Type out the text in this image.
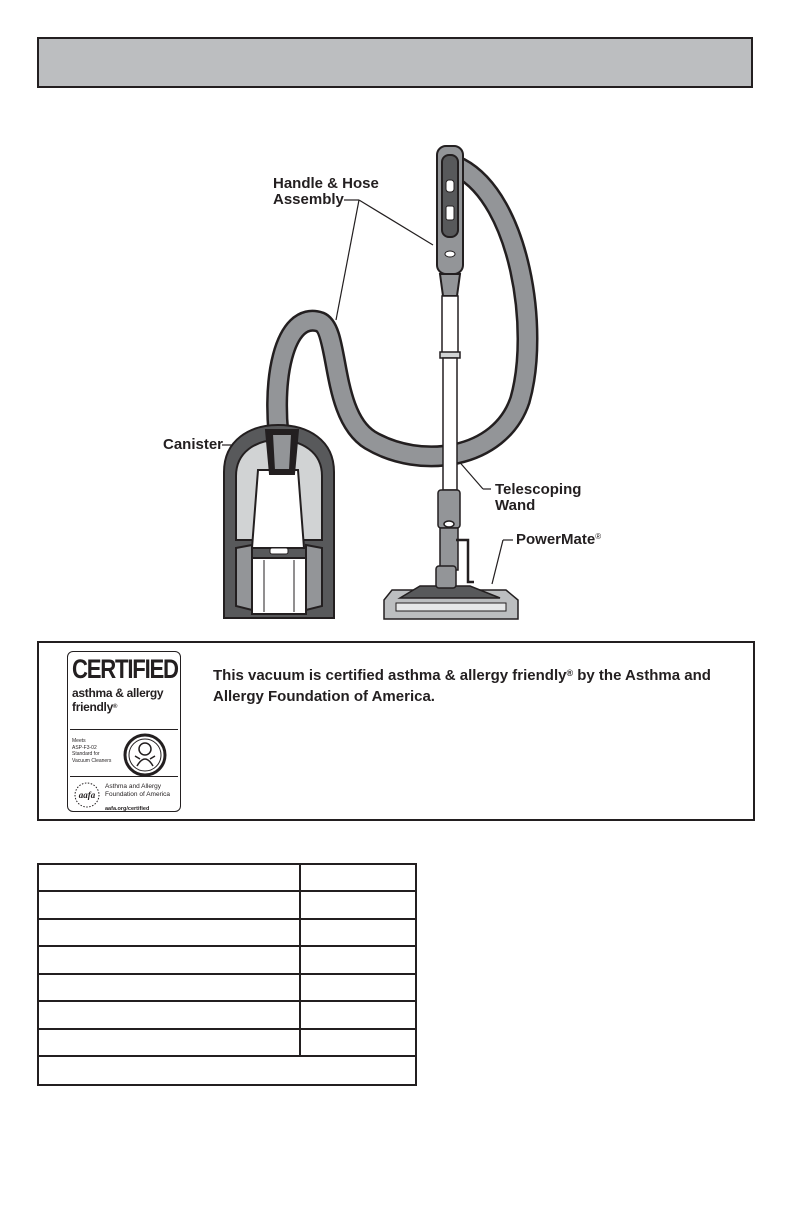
Handle & Hose
Assembly
Canister
Telescoping
Wand
PowerMate®
CERTIFIED
asthma & allergy
friendly®
Meets
ASP-F3-02
Standard for
Vacuum Cleaners
aafa
Asthma and Allergy
Foundation of America
aafa.org/certified
This vacuum is certified asthma & allergy friendly® by the Asthma and Allergy Foundation of America.
